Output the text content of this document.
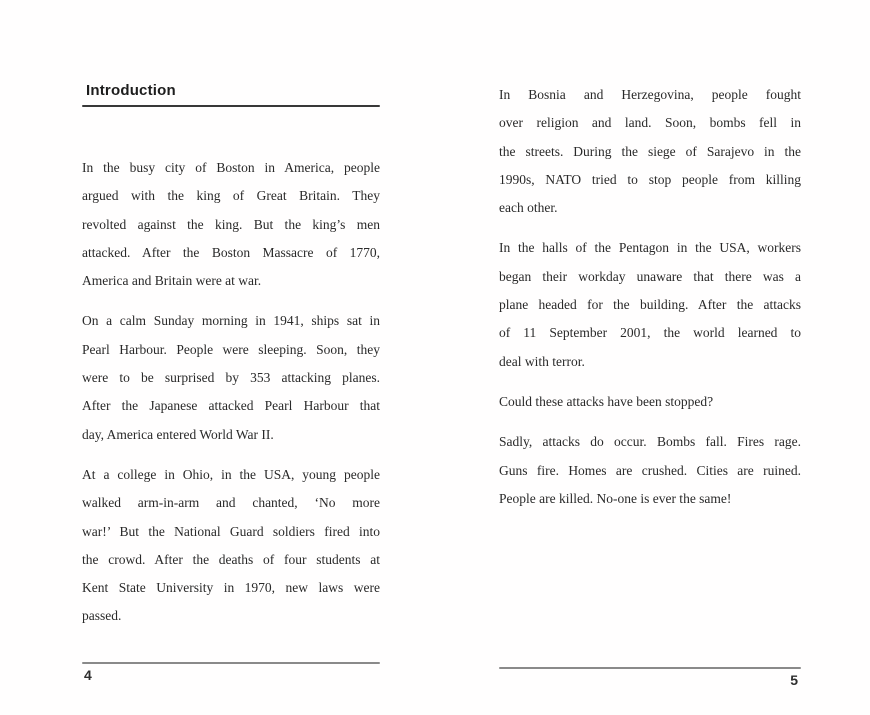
Introduction

In the busy city of Boston in America, people
argued with the king of Great Britain. They
revolted against the king. But the king’s men
attacked. After the Boston Massacre of 1770,
America and Britain were at war.

On a calm Sunday morning in 1941, ships sat in
Pearl Harbour. People were sleeping. Soon, they
were to be surprised by 353 attacking planes.
After the Japanese attacked Pearl Harbour that
day, America entered World War II.

At a college in Ohio, in the USA, young people
walked arm-in-arm and chanted, ‘No more
war!’ But the National Guard soldiers fired into
the crowd. After the deaths of four students at
Kent State University in 1970, new laws were
passed.

4

In Bosnia and Herzegovina, people fought
over religion and land. Soon, bombs fell in
the streets. During the siege of Sarajevo in the
1990s, NATO tried to stop people from killing
each other.

In the halls of the Pentagon in the USA, workers
began their workday unaware that there was a
plane headed for the building. After the attacks
of 11 September 2001, the world learned to
deal with terror.

Could these attacks have been stopped?

Sadly, attacks do occur. Bombs fall. Fires rage.
Guns fire. Homes are crushed. Cities are ruined.
People are killed. No-one is ever the same!

5
